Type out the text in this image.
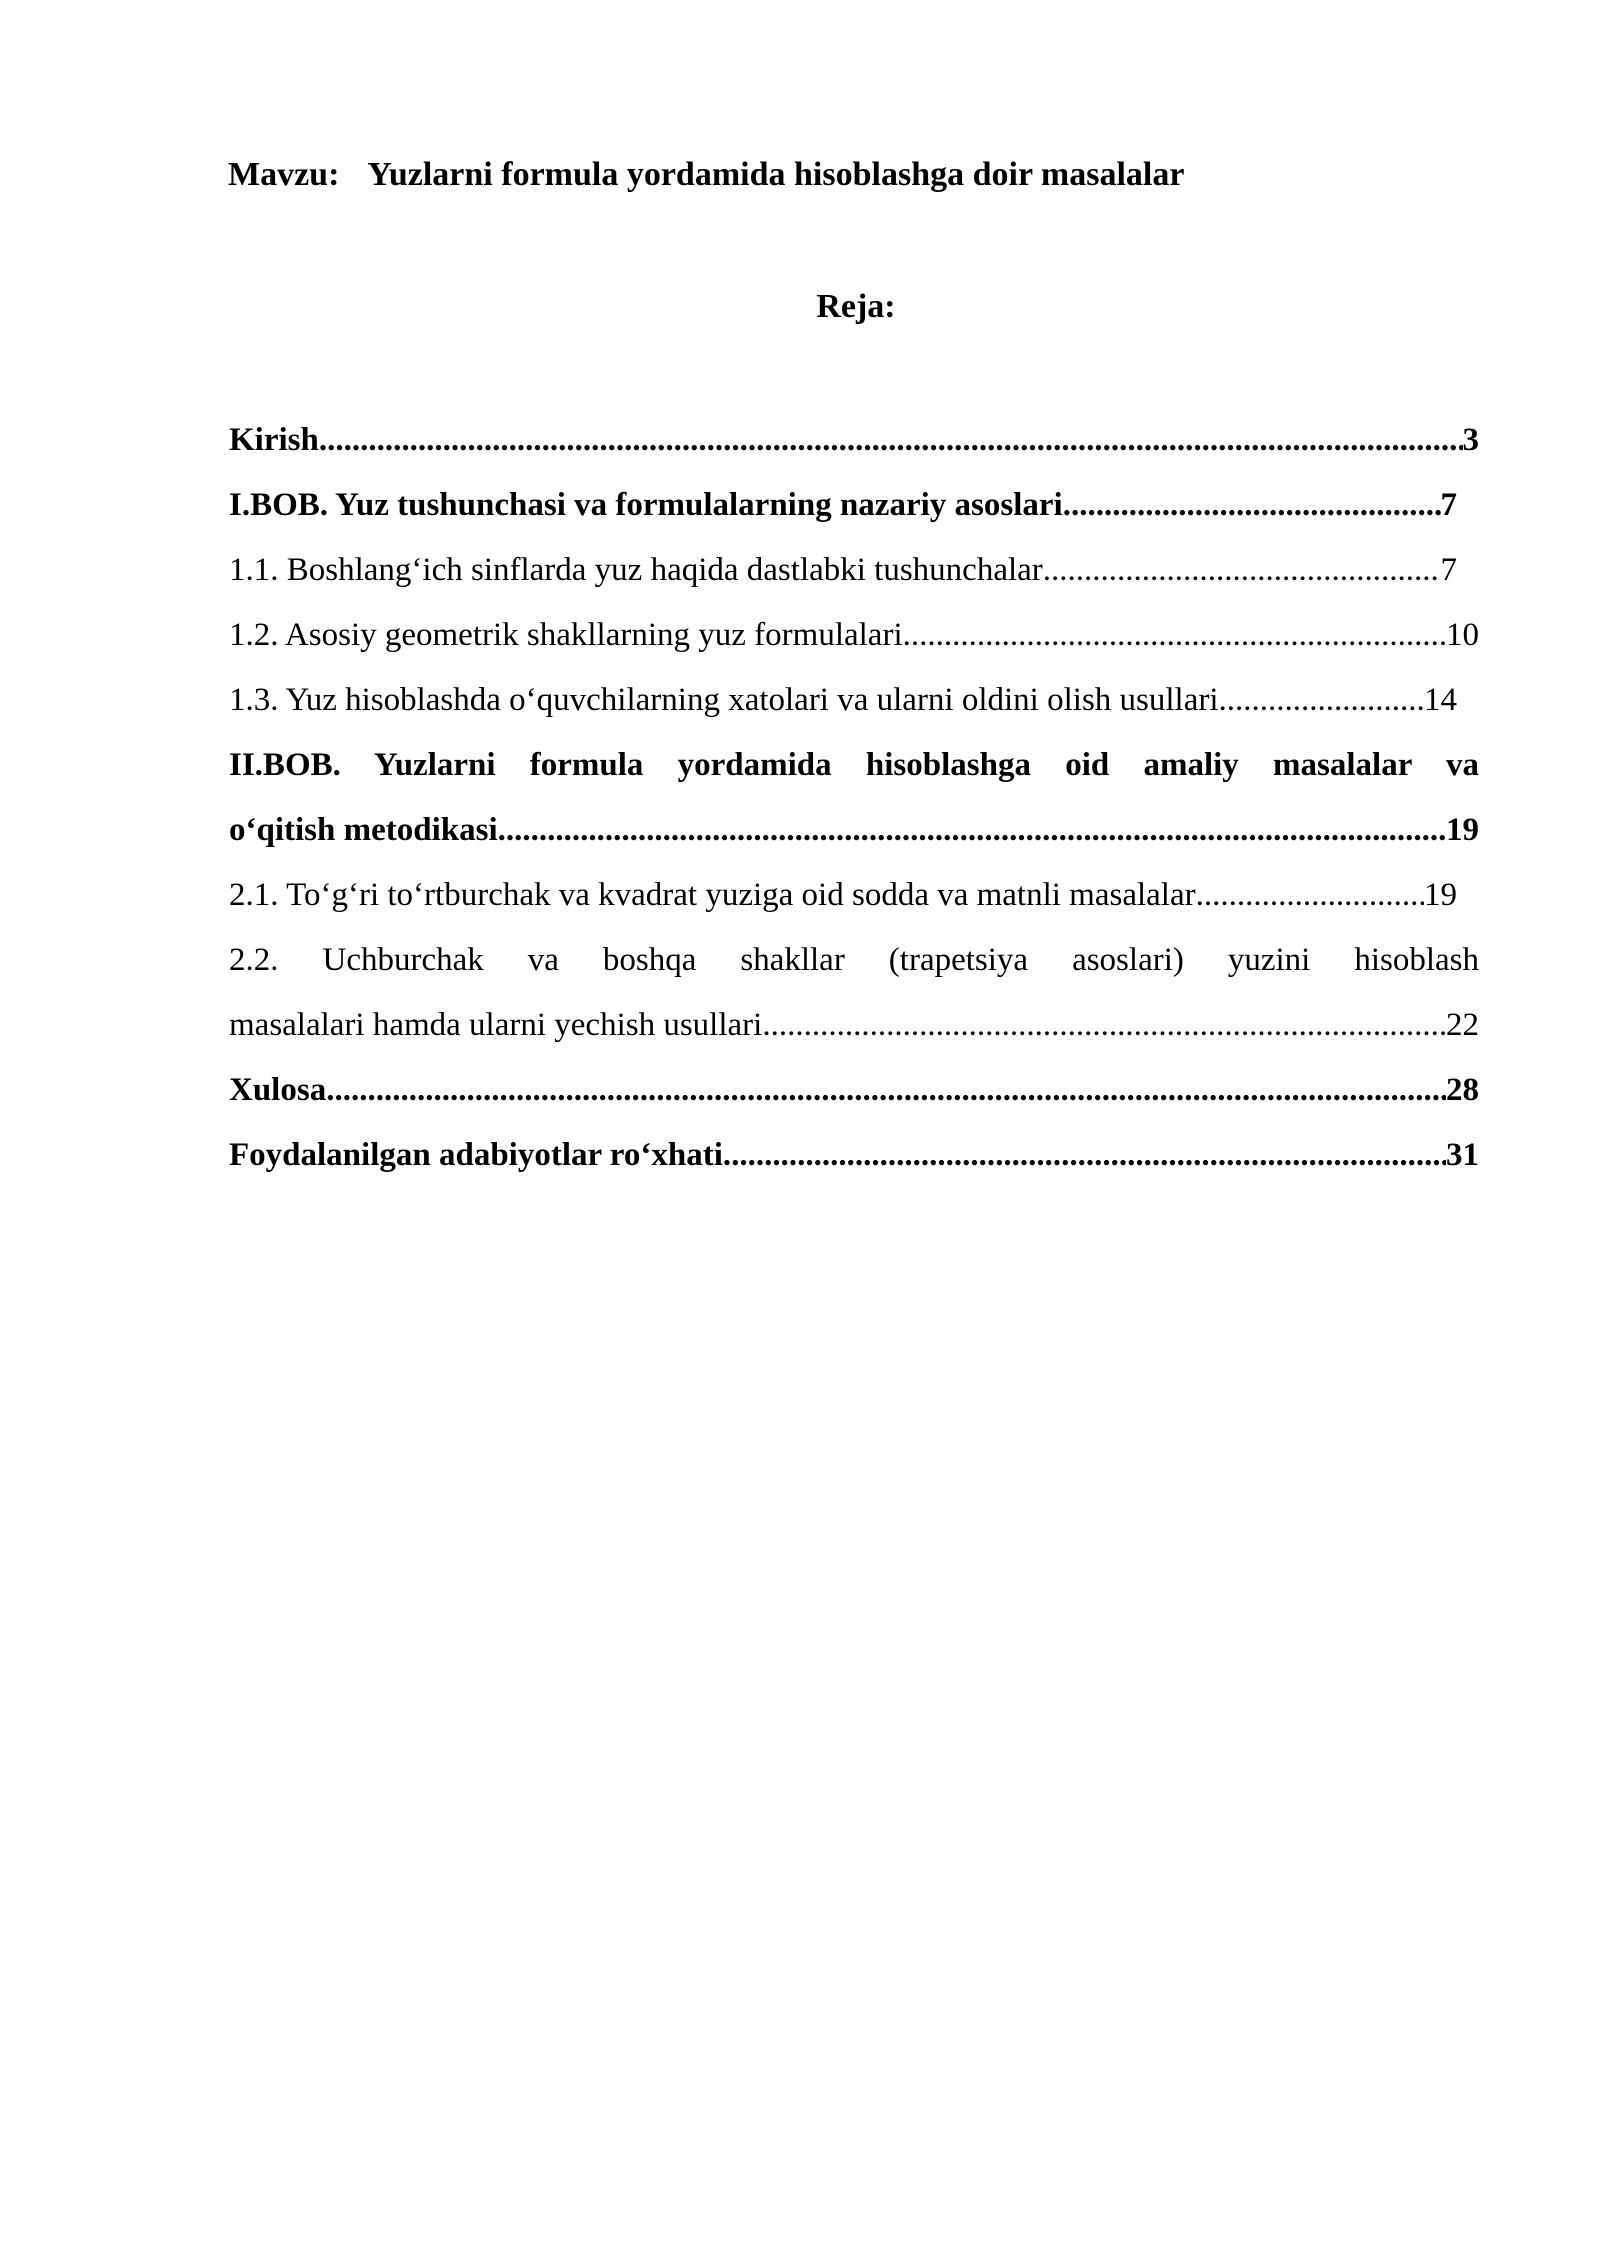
Mavzu: Yuzlarni formula yordamida hisoblashga doir masalalar
Reja:
Kirish .....	3
I.BOB. Yuz tushunchasi va formulalarning nazariy asoslari .....	7
1.1. Boshlang‘ich sinflarda yuz haqida dastlabki tushunchalar .....	7
1.2. Asosiy geometrik shakllarning yuz formulalari .....	10
1.3. Yuz hisoblashda o‘quvchilarning xatolari va ularni oldini olish usullari .....	14
II.BOB. Yuzlarni formula yordamida hisoblashga oid amaliy masalalar va
o‘qitish metodikasi .....	19
2.1. To‘g‘ri to‘rtburchak va kvadrat yuziga oid sodda va matnli masalalar .....	19
2.2. Uchburchak va boshqa shakllar (trapetsiya asoslari) yuzini hisoblash
masalalari hamda ularni yechish usullari .....	22
Xulosa .....	28
Foydalanilgan adabiyotlar ro‘xhati .....	31
